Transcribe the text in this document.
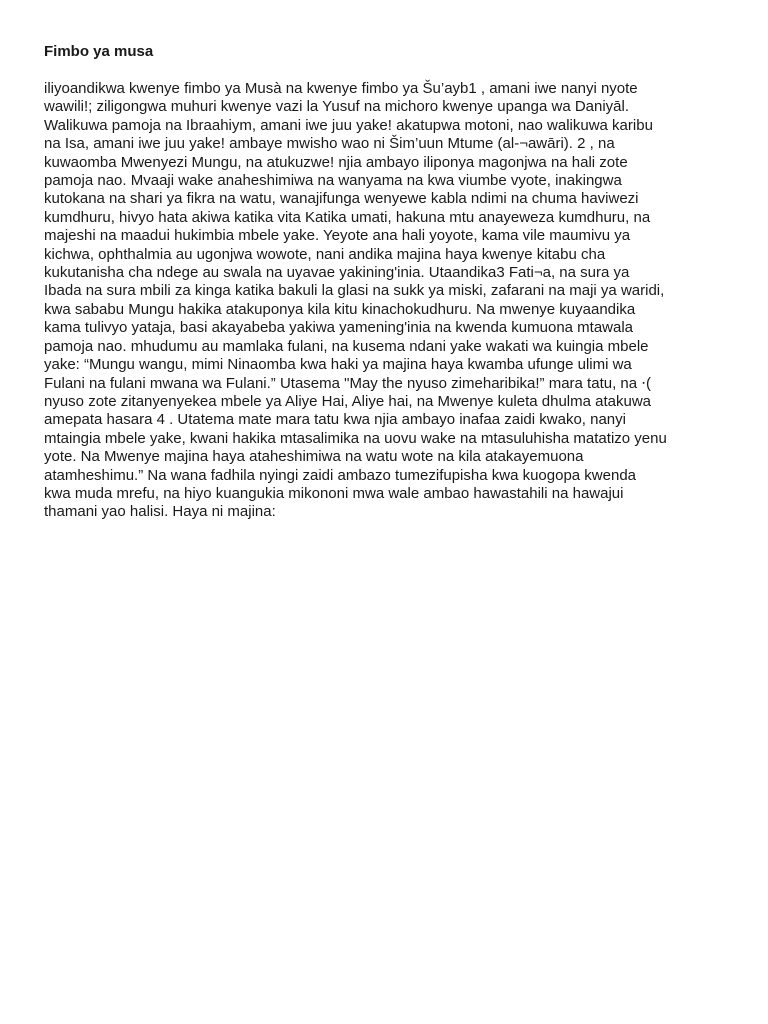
Fimbo ya musa

iliyoandikwa kwenye fimbo ya Musà na kwenye fimbo ya Šu’ayb1 , amani iwe nanyi nyote
wawili!; ziligongwa muhuri kwenye vazi la Yusuf na michoro kwenye upanga wa Daniyāl.
Walikuwa pamoja na Ibraahiym, amani iwe juu yake! akatupwa motoni, nao walikuwa karibu
na Isa, amani iwe juu yake! ambaye mwisho wao ni Šim’uun Mtume (al-¬awāri). 2 , na
kuwaomba Mwenyezi Mungu, na atukuzwe! njia ambayo iliponya magonjwa na hali zote
pamoja nao. Mvaaji wake anaheshimiwa na wanyama na kwa viumbe vyote, inakingwa
kutokana na shari ya fikra na watu, wanajifunga wenyewe kabla ndimi na chuma haviwezi
kumdhuru, hivyo hata akiwa katika vita Katika umati, hakuna mtu anayeweza kumdhuru, na
majeshi na maadui hukimbia mbele yake. Yeyote ana hali yoyote, kama vile maumivu ya
kichwa, ophthalmia au ugonjwa wowote, nani andika majina haya kwenye kitabu cha
kukutanisha cha ndege au swala na uyavae yakining'inia. Utaandika3 Fati¬a, na sura ya
Ibada na sura mbili za kinga katika bakuli la glasi na sukk ya miski, zafarani na maji ya waridi,
kwa sababu Mungu hakika atakuponya kila kitu kinachokudhuru. Na mwenye kuyaandika
kama tulivyo yataja, basi akayabeba yakiwa yamening'inia na kwenda kumuona mtawala
pamoja nao. mhudumu au mamlaka fulani, na kusema ndani yake wakati wa kuingia mbele
yake: “Mungu wangu, mimi Ninaomba kwa haki ya majina haya kwamba ufunge ulimi wa
Fulani na fulani mwana wa Fulani.” Utasema "May the nyuso zimeharibika!” mara tatu, na ⋅(
nyuso zote zitanyenyekea mbele ya Aliye Hai, Aliye hai, na Mwenye kuleta dhulma atakuwa
amepata hasara 4 . Utatema mate mara tatu kwa njia ambayo inafaa zaidi kwako, nanyi
mtaingia mbele yake, kwani hakika mtasalimika na uovu wake na mtasuluhisha matatizo yenu
yote. Na Mwenye majina haya ataheshimiwa na watu wote na kila atakayemuona
atamheshimu.” Na wana fadhila nyingi zaidi ambazo tumezifupisha kwa kuogopa kwenda
kwa muda mrefu, na hiyo kuangukia mikononi mwa wale ambao hawastahili na hawajui
thamani yao halisi. Haya ni majina:
